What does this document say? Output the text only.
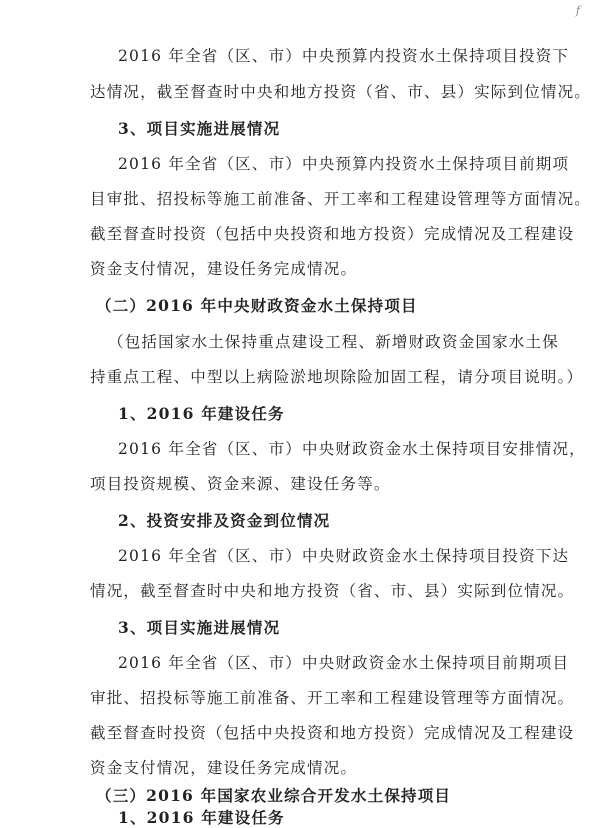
f
2016 年全省（区、市）中央预算内投资水土保持项目投资下
达情况，截至督查时中央和地方投资（省、市、县）实际到位情况。
3、项目实施进展情况
2016 年全省（区、市）中央预算内投资水土保持项目前期项
目审批、招投标等施工前准备、开工率和工程建设管理等方面情况。
截至督查时投资（包括中央投资和地方投资）完成情况及工程建设
资金支付情况，建设任务完成情况。
（二）2016 年中央财政资金水土保持项目
（包括国家水土保持重点建设工程、新增财政资金国家水土保
持重点工程、中型以上病险淤地坝除险加固工程，请分项目说明。）
1、2016 年建设任务
2016 年全省（区、市）中央财政资金水土保持项目安排情况，
项目投资规模、资金来源、建设任务等。
2、投资安排及资金到位情况
2016 年全省（区、市）中央财政资金水土保持项目投资下达
情况，截至督查时中央和地方投资（省、市、县）实际到位情况。
3、项目实施进展情况
2016 年全省（区、市）中央财政资金水土保持项目前期项目
审批、招投标等施工前准备、开工率和工程建设管理等方面情况。
截至督查时投资（包括中央投资和地方投资）完成情况及工程建设
资金支付情况，建设任务完成情况。
（三）2016 年国家农业综合开发水土保持项目
1、2016 年建设任务
